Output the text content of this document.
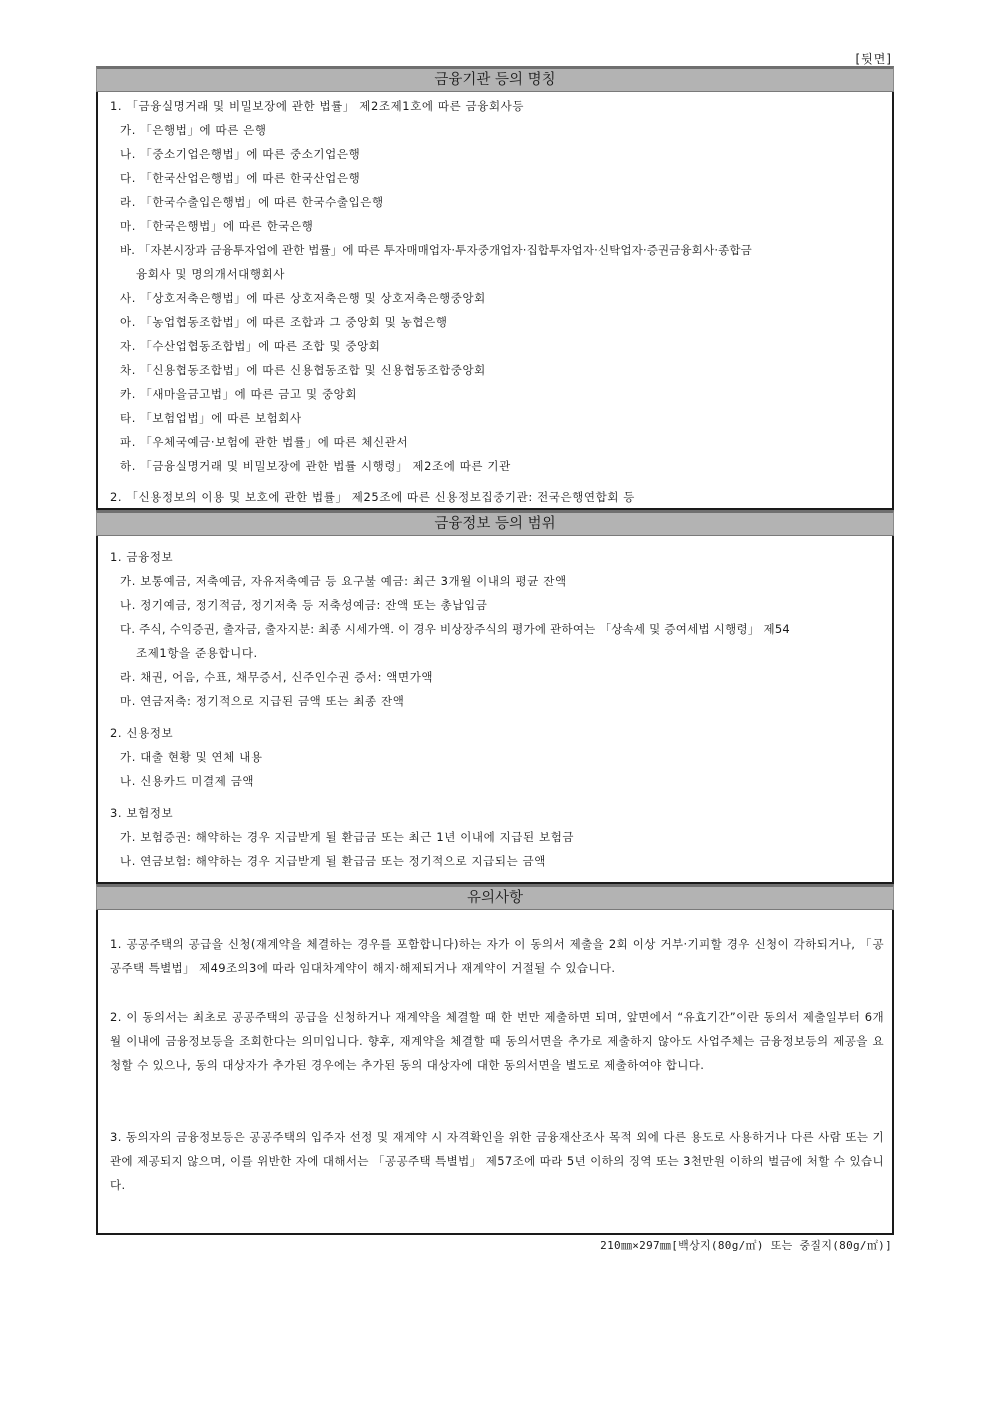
[뒷면]
금융기관 등의 명칭
1. 「금융실명거래 및 비밀보장에 관한 법률」 제2조제1호에 따른 금융회사등
가. 「은행법」에 따른 은행
나. 「중소기업은행법」에 따른 중소기업은행
다. 「한국산업은행법」에 따른 한국산업은행
라. 「한국수출입은행법」에 따른 한국수출입은행
마. 「한국은행법」에 따른 한국은행
바. 「자본시장과 금융투자업에 관한 법률」에 따른 투자매매업자·투자중개업자·집합투자업자·신탁업자·증권금융회사·종합금
융회사 및 명의개서대행회사
사. 「상호저축은행법」에 따른 상호저축은행 및 상호저축은행중앙회
아. 「농업협동조합법」에 따른 조합과 그 중앙회 및 농협은행
자. 「수산업협동조합법」에 따른 조합 및 중앙회
차. 「신용협동조합법」에 따른 신용협동조합 및 신용협동조합중앙회
카. 「새마을금고법」에 따른 금고 및 중앙회
타. 「보험업법」에 따른 보험회사
파. 「우체국예금·보험에 관한 법률」에 따른 체신관서
하. 「금융실명거래 및 비밀보장에 관한 법률 시행령」 제2조에 따른 기관
2. 「신용정보의 이용 및 보호에 관한 법률」 제25조에 따른 신용정보집중기관: 전국은행연합회 등
금융정보 등의 범위
1. 금융정보
가. 보통예금, 저축예금, 자유저축예금 등 요구불 예금: 최근 3개월 이내의 평균 잔액
나. 정기예금, 정기적금, 정기저축 등 저축성예금: 잔액 또는 총납입금
다. 주식, 수익증권, 출자금, 출자지분: 최종 시세가액. 이 경우 비상장주식의 평가에 관하여는 「상속세 및 증여세법 시행령」 제54
조제1항을 준용합니다.
라. 채권, 어음, 수표, 채무증서, 신주인수권 증서: 액면가액
마. 연금저축: 정기적으로 지급된 금액 또는 최종 잔액
2. 신용정보
가. 대출 현황 및 연체 내용
나. 신용카드 미결제 금액
3. 보험정보
가. 보험증권: 해약하는 경우 지급받게 될 환급금 또는 최근 1년 이내에 지급된 보험금
나. 연금보험: 해약하는 경우 지급받게 될 환급금 또는 정기적으로 지급되는 금액
유의사항
1. 공공주택의 공급을 신청(재계약을 체결하는 경우를 포함합니다)하는 자가 이 동의서 제출을 2회 이상 거부·기피할 경우 신청이 각하되거나, 「공공주택 특별법」 제49조의3에 따라 임대차계약이 해지·해제되거나 재계약이 거절될 수 있습니다.
2. 이 동의서는 최초로 공공주택의 공급을 신청하거나 재계약을 체결할 때 한 번만 제출하면 되며, 앞면에서 “유효기간”이란 동의서 제출일부터 6개월 이내에 금융정보등을 조회한다는 의미입니다. 향후, 재계약을 체결할 때 동의서면을 추가로 제출하지 않아도 사업주체는 금융정보등의 제공을 요청할 수 있으나, 동의 대상자가 추가된 경우에는 추가된 동의 대상자에 대한 동의서면을 별도로 제출하여야 합니다.
3. 동의자의 금융정보등은 공공주택의 입주자 선정 및 재계약 시 자격확인을 위한 금융재산조사 목적 외에 다른 용도로 사용하거나 다른 사람 또는 기관에 제공되지 않으며, 이를 위반한 자에 대해서는 「공공주택 특별법」 제57조에 따라 5년 이하의 징역 또는 3천만원 이하의 벌금에 처할 수 있습니다.
210㎜×297㎜[백상지(80g/㎡) 또는 중질지(80g/㎡)]
